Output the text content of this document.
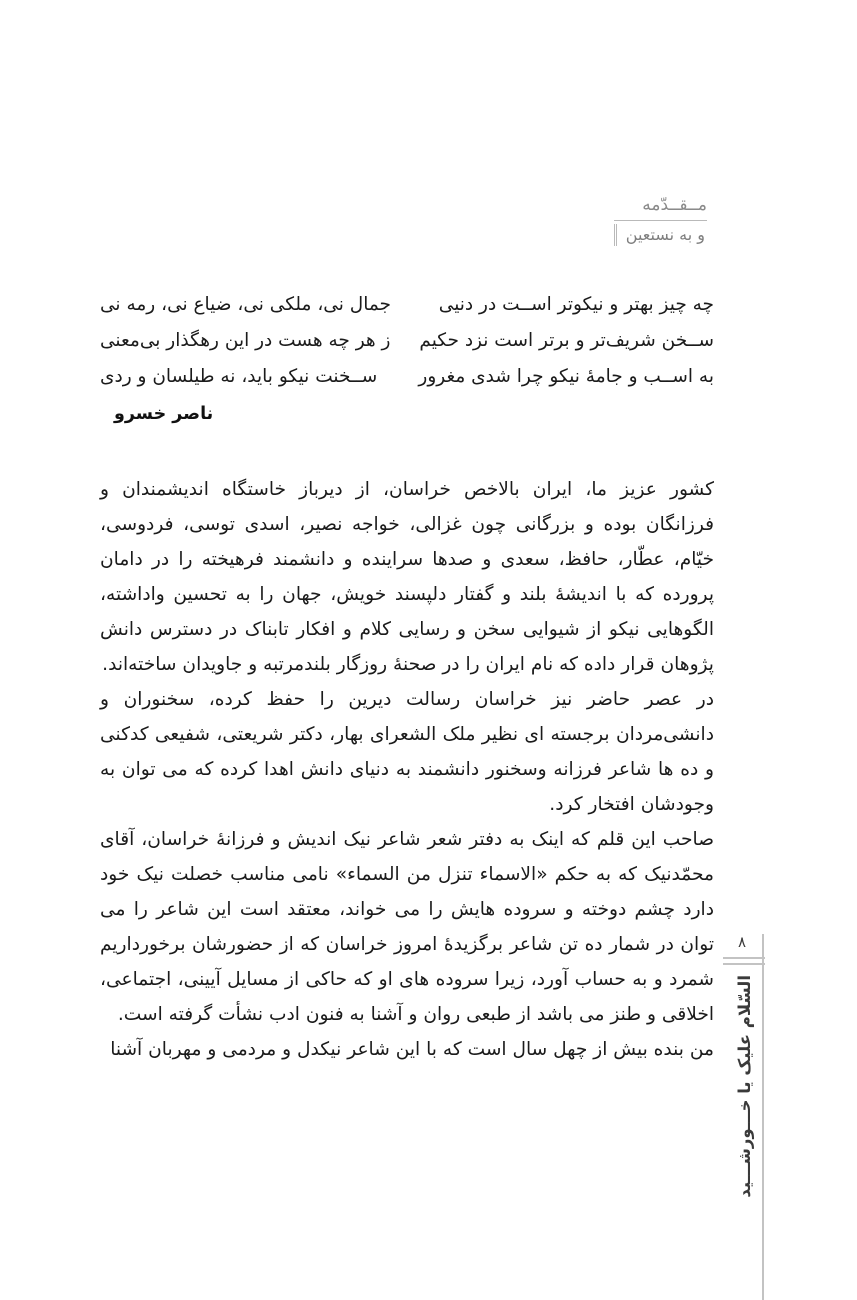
مــقــدّمه
و به نستعین
چه چیز بهتر و نیکوتر اســت در دنیی
جمال نی، ملکی نی، ضیاع نی، رمه نی
ســخن شریف‌تر و برتر است نزد حکیم
ز هر چه هست در این رهگذار بی‌معنی
به اســب و جامهٔ نیکو چرا شدی مغرور
ســخنت نیکو باید، نه طیلسان و ردی
ناصر خسرو

کشور عزیز ما، ایران بالاخص خراسان، از دیرباز خاستگاه اندیشمندان و فرزانگان بوده و بزرگانی چون غزالی، خواجه نصیر، اسدی توسی، فردوسی، خیّام، عطّار، حافظ، سعدی و صدها سراینده و دانشمند فرهیخته را در دامان پرورده که با اندیشهٔ بلند و گفتار دلپسند خویش، جهان را به تحسین واداشته، الگوهایی نیکو از شیوایی سخن و رسایی کلام و افکار تابناک در دسترس دانش پژوهان قرار داده که نام ایران را در صحنهٔ روزگار بلندمرتبه و جاویدان ساخته‌اند.

در عصر حاضر نیز خراسان رسالت دیرین را حفظ کرده، سخنوران و دانشی‌مردان برجسته ای نظیر ملک الشعرای بهار، دکتر شریعتی، شفیعی کدکنی و ده ها شاعر فرزانه وسخنور دانشمند به دنیای دانش اهدا کرده که می توان به وجودشان افتخار کرد.

صاحب این قلم که اینک به دفتر شعر شاعر نیک اندیش و فرزانهٔ خراسان، آقای محمّدنیک که به حکم «الاسماء تنزل من السماء» نامی مناسب خصلت نیک خود دارد چشم دوخته و سروده هایش را می خواند، معتقد است این شاعر را می توان در شمار ده تن شاعر برگزیدهٔ امروز خراسان که از حضورشان برخورداریم شمرد و به حساب آورد، زیرا سروده های او که حاکی از مسایل آیینی، اجتماعی، اخلاقی و طنز می باشد از طبعی روان و آشنا به فنون ادب نشأت گرفته است.

من بنده بیش از چهل سال است که با این شاعر نیکدل و مردمی و مهربان آشنا

۸
السّلام علیک یا خـــورشـــید
